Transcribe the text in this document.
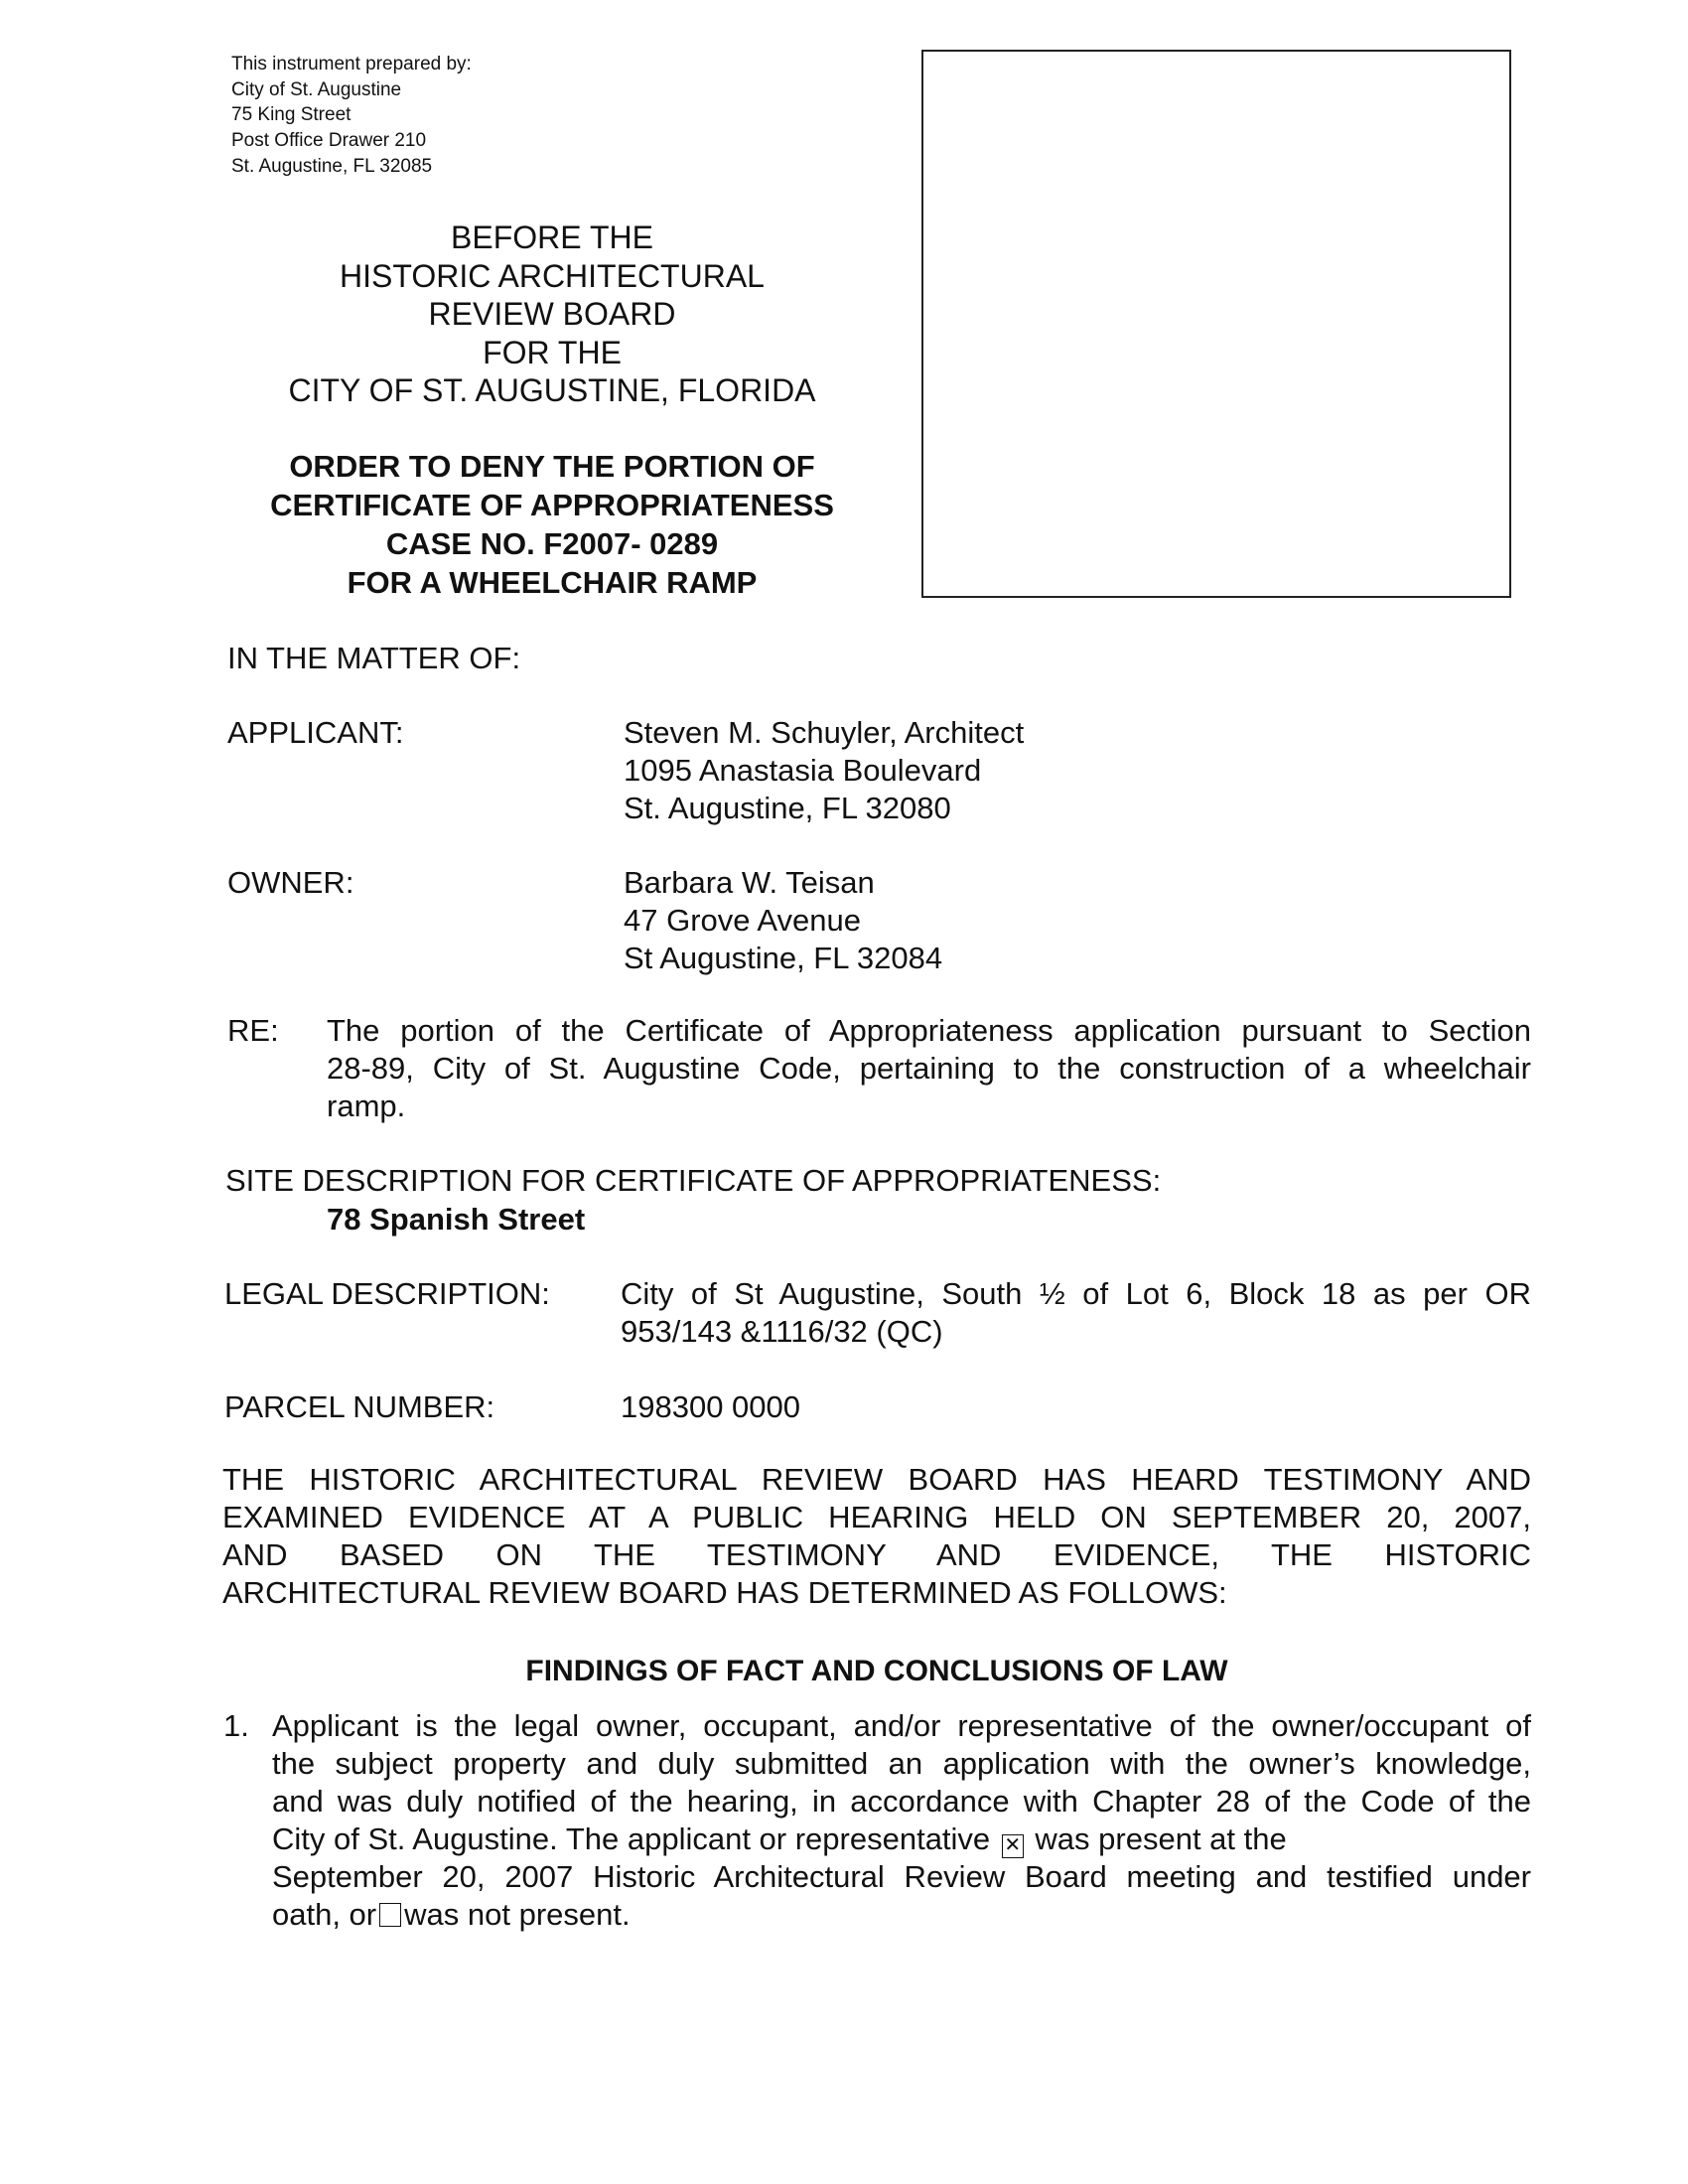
This instrument prepared by:
City of St. Augustine
75 King Street
Post Office Drawer 210
St. Augustine, FL 32085
BEFORE THE
HISTORIC ARCHITECTURAL
REVIEW BOARD
FOR THE
CITY OF ST. AUGUSTINE, FLORIDA
ORDER TO DENY THE PORTION OF
CERTIFICATE OF APPROPRIATENESS
CASE NO. F2007- 0289
FOR A WHEELCHAIR RAMP
IN THE MATTER OF:
APPLICANT:	Steven M. Schuyler, Architect
1095 Anastasia Boulevard
St. Augustine, FL 32080
OWNER:	Barbara W. Teisan
47 Grove Avenue
St Augustine, FL 32084
RE: The portion of the Certificate of Appropriateness application pursuant to Section
28-89, City of St. Augustine Code, pertaining to the construction of a wheelchair
ramp.
SITE DESCRIPTION FOR CERTIFICATE OF APPROPRIATENESS:
78 Spanish Street
LEGAL DESCRIPTION: City of St Augustine, South ½ of Lot 6, Block 18 as per OR
953/143 &1116/32 (QC)
PARCEL NUMBER:	198300 0000
THE HISTORIC ARCHITECTURAL REVIEW BOARD HAS HEARD TESTIMONY AND
EXAMINED EVIDENCE AT A PUBLIC HEARING HELD ON SEPTEMBER 20, 2007,
AND BASED ON THE TESTIMONY AND EVIDENCE, THE HISTORIC
ARCHITECTURAL REVIEW BOARD HAS DETERMINED AS FOLLOWS:
FINDINGS OF FACT AND CONCLUSIONS OF LAW
1. Applicant is the legal owner, occupant, and/or representative of the owner/occupant of
the subject property and duly submitted an application with the owner’s knowledge,
and was duly notified of the hearing, in accordance with Chapter 28 of the Code of the
City of St. Augustine. The applicant or representative ✕ was present at the
September 20, 2007 Historic Architectural Review Board meeting and testified under
oath, or was not present.
